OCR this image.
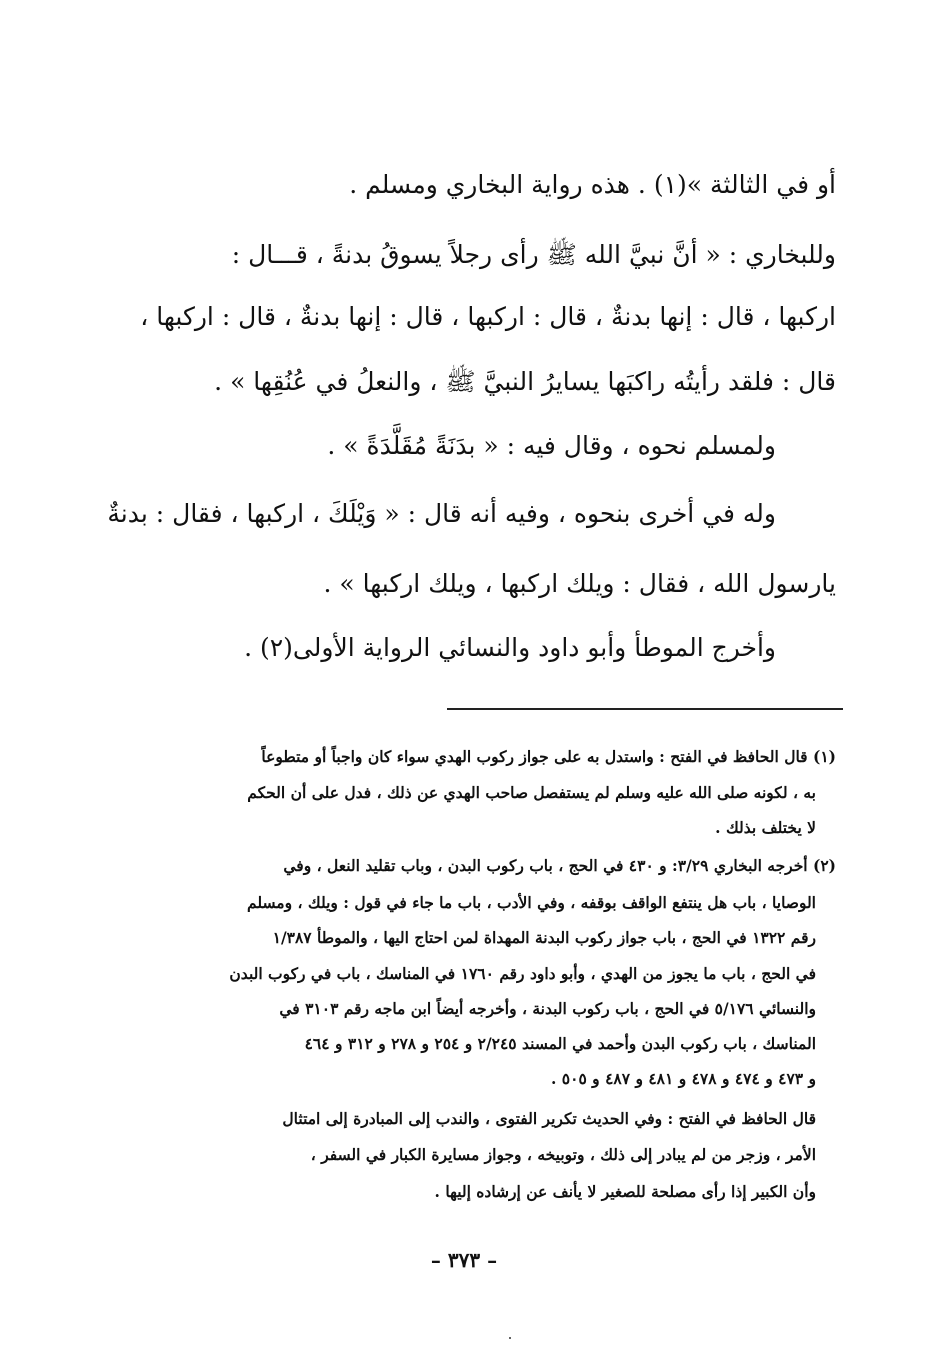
أو في الثالثة »(١) . هذه رواية البخاري ومسلم .
وللبخاري : « أنَّ نبيَّ الله ﷺ رأى رجلاً يسوقُ بدنةً ، قـــال :
اركبها ، قال : إنها بدنةٌ ، قال : اركبها ، قال : إنها بدنةٌ ، قال : اركبها ،
قال : فلقد رأيتُه راكبَها يسايرُ النبيَّ ﷺ ، والنعلُ في عُنُقِها » .
ولمسلم نحوه ، وقال فيه : « بدَنَةً مُقَلَّدَةً » .
وله في أخرى بنحوه ، وفيه أنه قال : « وَيْلَكَ ، اركبها ، فقال : بدنةٌ
يارسول الله ، فقال : ويلك اركبها ، ويلك اركبها » .
وأخرج الموطأ وأبو داود والنسائي الرواية الأولى(٢) .
(١) قال الحافظ في الفتح : واستدل به على جواز ركوب الهدي سواء كان واجباً أو متطوعاً
به ، لكونه صلى الله عليه وسلم لم يستفصل صاحب الهدي عن ذلك ، فدل على أن الحكم
لا يختلف بذلك .
(٢) أخرجه البخاري ٣/٢٩: و ٤٣٠ في الحج ، باب ركوب البدن ، وباب تقليد النعل ، وفي
الوصايا ، باب هل ينتفع الواقف بوقفه ، وفي الأدب ، باب ما جاء في قول : ويلك ، ومسلم
رقم ١٣٢٢ في الحج ، باب جواز ركوب البدنة المهداة لمن احتاج اليها ، والموطأ ١/٣٨٧
في الحج ، باب ما يجوز من الهدي ، وأبو داود رقم ١٧٦٠ في المناسك ، باب في ركوب البدن
والنسائي ٥/١٧٦ في الحج ، باب ركوب البدنة ، وأخرجه أيضاً ابن ماجه رقم ٣١٠٣ في
المناسك ، باب ركوب البدن وأحمد في المسند ٢/٢٤٥ و ٢٥٤ و ٢٧٨ و ٣١٢ و ٤٦٤
و ٤٧٣ و ٤٧٤ و ٤٧٨ و ٤٨١ و ٤٨٧ و ٥٠٥ .
قال الحافظ في الفتح : وفي الحديث تكرير الفتوى ، والندب إلى المبادرة إلى امتثال
الأمر ، وزجر من لم يبادر إلى ذلك ، وتوبيخه ، وجواز مسايرة الكبار في السفر ،
وأن الكبير إذا رأى مصلحة للصغير لا يأنف عن إرشاده إليها .
– ٣٧٣ –
